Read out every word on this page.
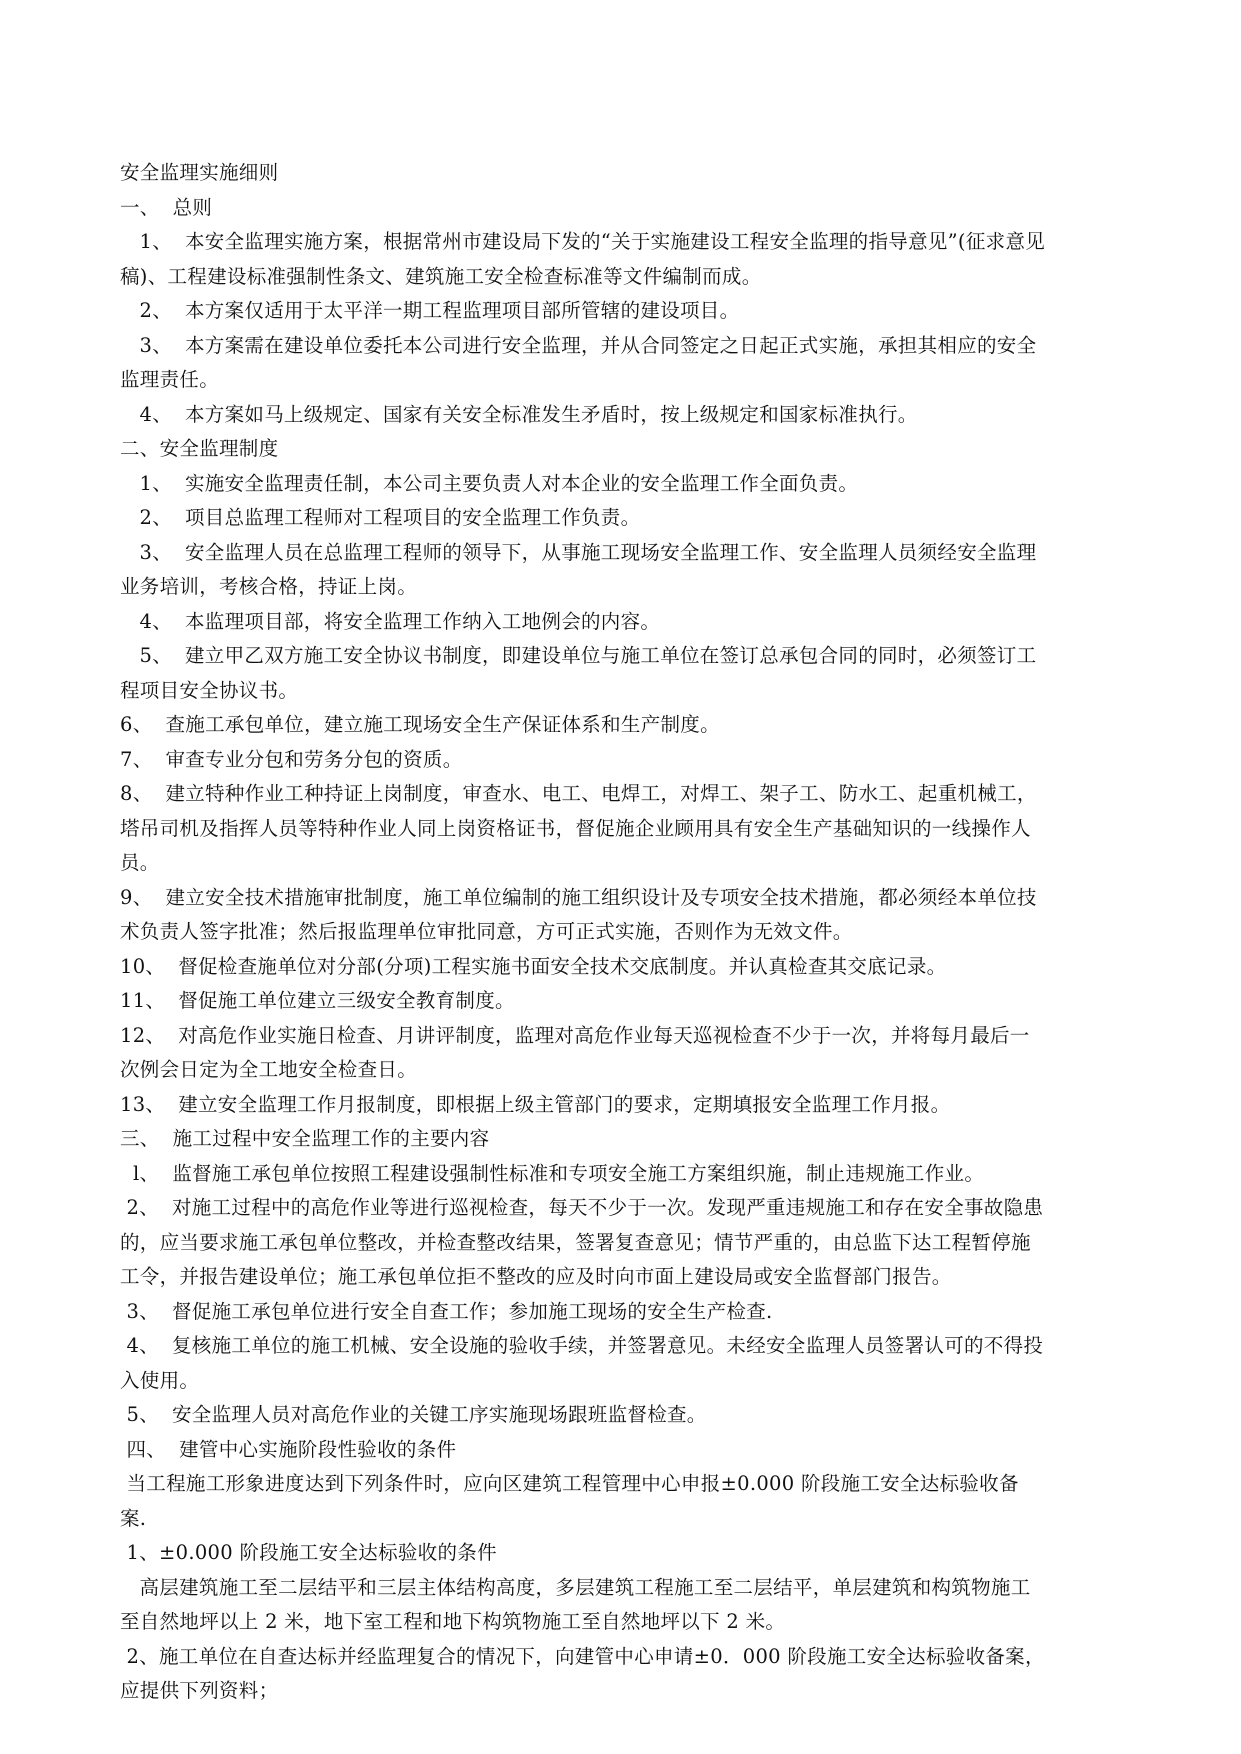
安全监理实施细则
一、  总则
1、  本安全监理实施方案，根据常州市建设局下发的“关于实施建设工程安全监理的指导意见”(征求意见
稿)、工程建设标准强制性条文、建筑施工安全检查标准等文件编制而成。
2、  本方案仅适用于太平洋一期工程监理项目部所管辖的建设项目。
3、  本方案需在建设单位委托本公司进行安全监理，并从合同签定之日起正式实施，承担其相应的安全
监理责任。
4、  本方案如马上级规定、国家有关安全标准发生矛盾时，按上级规定和国家标准执行。
二、安全监理制度
1、  实施安全监理责任制，本公司主要负责人对本企业的安全监理工作全面负责。
2、  项目总监理工程师对工程项目的安全监理工作负责。
3、  安全监理人员在总监理工程师的领导下，从事施工现场安全监理工作、安全监理人员须经安全监理
业务培训，考核合格，持证上岗。
4、  本监理项目部，将安全监理工作纳入工地例会的内容。
5、  建立甲乙双方施工安全协议书制度，即建设单位与施工单位在签订总承包合同的同时，必须签订工
程项目安全协议书。
6、  查施工承包单位，建立施工现场安全生产保证体系和生产制度。
7、  审查专业分包和劳务分包的资质。
8、  建立特种作业工种持证上岗制度，审查水、电工、电焊工，对焊工、架子工、防水工、起重机械工，
塔吊司机及指挥人员等特种作业人同上岗资格证书，督促施企业顾用具有安全生产基础知识的一线操作人
员。
9、  建立安全技术措施审批制度，施工单位编制的施工组织设计及专项安全技术措施，都必须经本单位技
术负责人签字批准；然后报监理单位审批同意，方可正式实施，否则作为无效文件。
10、  督促检查施单位对分部(分项)工程实施书面安全技术交底制度。并认真检查其交底记录。
11、  督促施工单位建立三级安全教育制度。
12、  对高危作业实施日检查、月讲评制度，监理对高危作业每天巡视检查不少于一次，并将每月最后一
次例会日定为全工地安全检查日。
13、  建立安全监理工作月报制度，即根据上级主管部门的要求，定期填报安全监理工作月报。
三、  施工过程中安全监理工作的主要内容
l、  监督施工承包单位按照工程建设强制性标准和专项安全施工方案组织施，制止违规施工作业。
2、  对施工过程中的高危作业等进行巡视检查，每天不少于一次。发现严重违规施工和存在安全事故隐患
的，应当要求施工承包单位整改，并检查整改结果，签署复查意见；情节严重的，由总监下达工程暂停施
工令，并报告建设单位；施工承包单位拒不整改的应及时向市面上建设局或安全监督部门报告。
3、  督促施工承包单位进行安全自查工作；参加施工现场的安全生产检查.
4、  复核施工单位的施工机械、安全设施的验收手续，并签署意见。未经安全监理人员签署认可的不得投
入使用。
5、  安全监理人员对高危作业的关键工序实施现场跟班监督检查。
四、  建管中心实施阶段性验收的条件
当工程施工形象进度达到下列条件时，应向区建筑工程管理中心申报±0.000 阶段施工安全达标验收备
案.
1、±0.000 阶段施工安全达标验收的条件
高层建筑施工至二层结平和三层主体结构高度，多层建筑工程施工至二层结平，单层建筑和构筑物施工
至自然地坪以上 2 米，地下室工程和地下构筑物施工至自然地坪以下 2 米。
2、施工单位在自查达标并经监理复合的情况下，向建管中心申请±0．000 阶段施工安全达标验收备案，
应提供下列资料；
